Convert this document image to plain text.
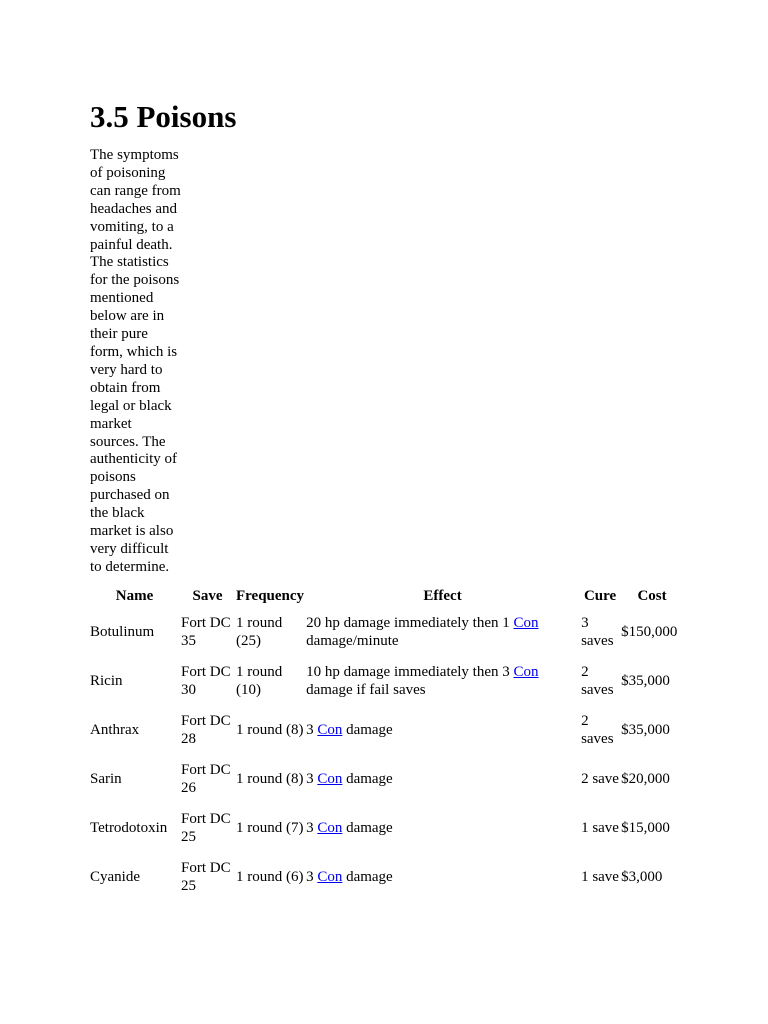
3.5 Poisons

The symptoms of poisoning can range from headaches and vomiting, to a painful death. The statistics for the poisons mentioned below are in their pure form, which is very hard to obtain from legal or black market sources. The authenticity of poisons purchased on the black market is also very difficult to determine.

Name	Save	Frequency	Effect	Cure	Cost
Botulinum	Fort DC 35	1 round (25)	20 hp damage immediately then 1 Con damage/minute	3 saves	$150,000
Ricin	Fort DC 30	1 round (10)	10 hp damage immediately then 3 Con damage if fail saves	2 saves	$35,000
Anthrax	Fort DC 28	1 round (8)	3 Con damage	2 saves	$35,000
Sarin	Fort DC 26	1 round (8)	3 Con damage	2 save	$20,000
Tetrodotoxin	Fort DC 25	1 round (7)	3 Con damage	1 save	$15,000
Cyanide	Fort DC 25	1 round (6)	3 Con damage	1 save	$3,000
